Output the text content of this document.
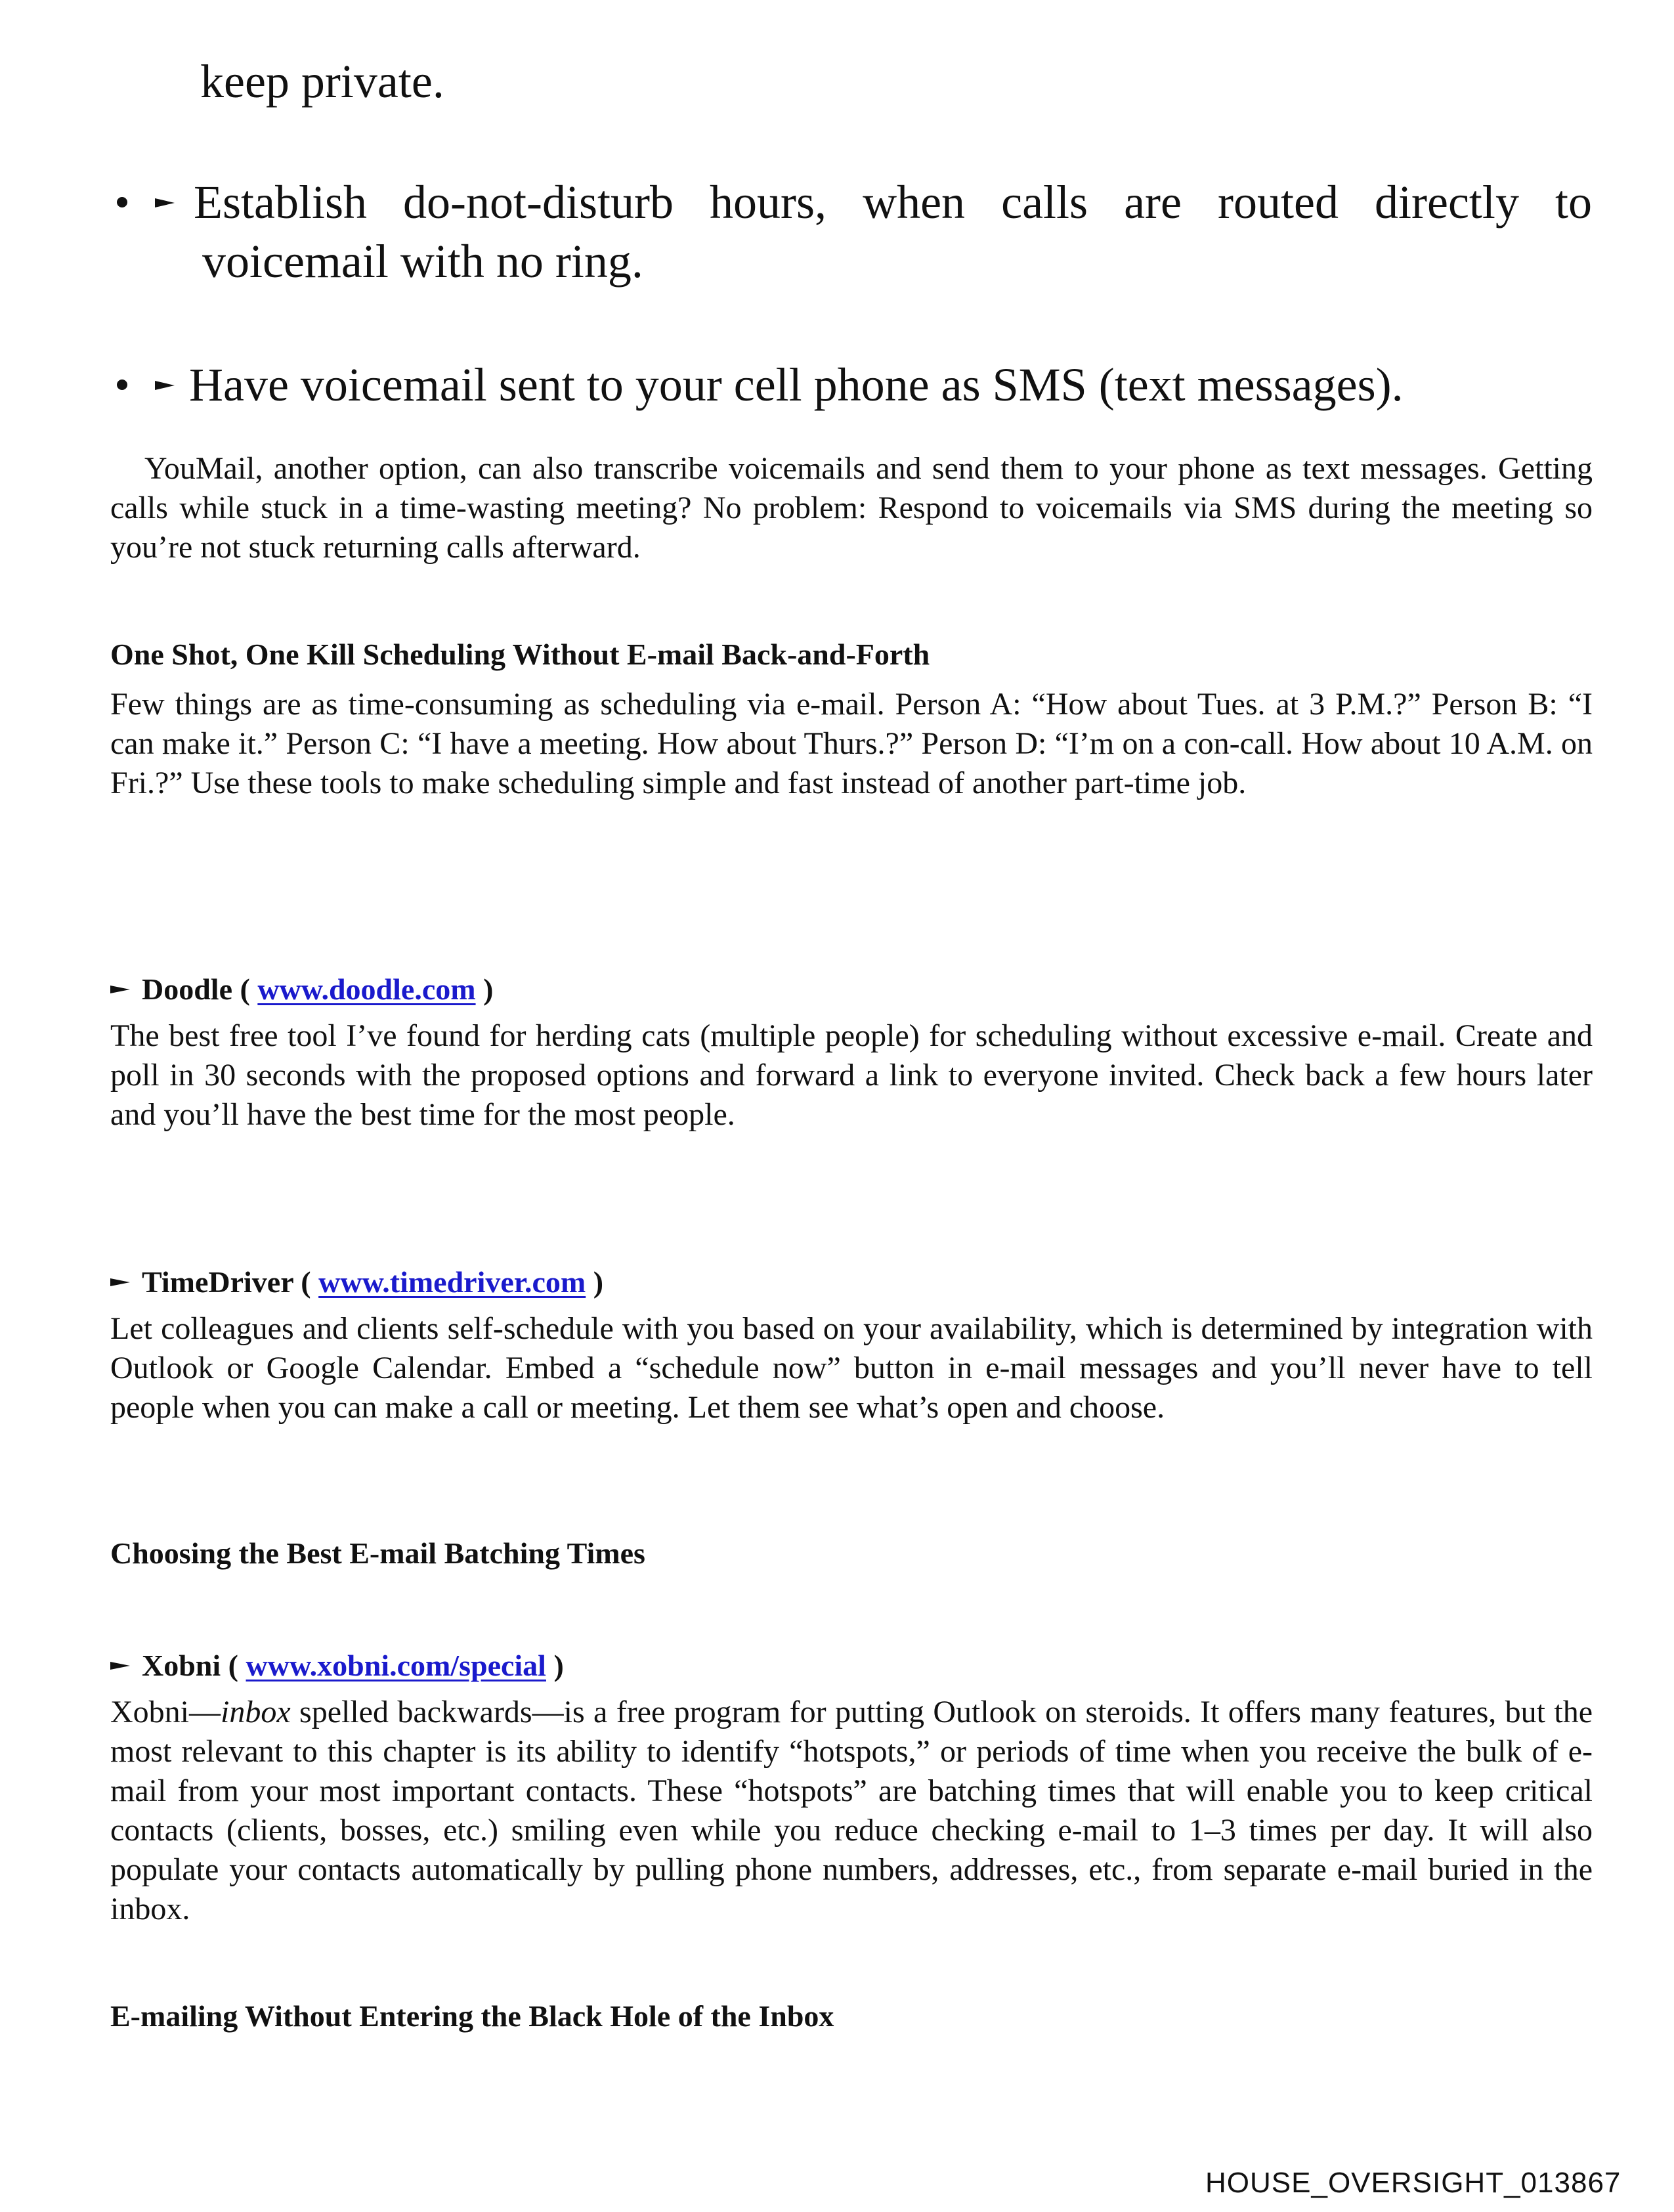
keep private.
Establish do-not-disturb hours, when calls are routed directly to
voicemail with no ring.
Have voicemail sent to your cell phone as SMS (text messages).
YouMail, another option, can also transcribe voicemails and send them to your phone as text messages. Getting calls while stuck in a time-wasting meeting? No problem: Respond to voicemails via SMS during the meeting so you’re not stuck returning calls afterward.
One Shot, One Kill Scheduling Without E-mail Back-and-Forth
Few things are as time-consuming as scheduling via e-mail. Person A: “How about Tues. at 3 P.M.?” Person B: “I can make it.” Person C: “I have a meeting. How about Thurs.?” Person D: “I’m on a con-call. How about 10 A.M. on Fri.?” Use these tools to make scheduling simple and fast instead of another part-time job.
Doodle ( www.doodle.com )
The best free tool I’ve found for herding cats (multiple people) for scheduling without excessive e-mail. Create and poll in 30 seconds with the proposed options and forward a link to everyone invited. Check back a few hours later and you’ll have the best time for the most people.
TimeDriver ( www.timedriver.com )
Let colleagues and clients self-schedule with you based on your availability, which is determined by integration with Outlook or Google Calendar. Embed a “schedule now” button in e-mail messages and you’ll never have to tell people when you can make a call or meeting. Let them see what’s open and choose.
Choosing the Best E-mail Batching Times
Xobni ( www.xobni.com/special )
Xobni—inbox spelled backwards—is a free program for putting Outlook on steroids. It offers many features, but the most relevant to this chapter is its ability to identify “hotspots,” or periods of time when you receive the bulk of e-mail from your most important contacts. These “hotspots” are batching times that will enable you to keep critical contacts (clients, bosses, etc.) smiling even while you reduce checking e-mail to 1–3 times per day. It will also populate your contacts automatically by pulling phone numbers, addresses, etc., from separate e-mail buried in the inbox.
E-mailing Without Entering the Black Hole of the Inbox
HOUSE_OVERSIGHT_013867
